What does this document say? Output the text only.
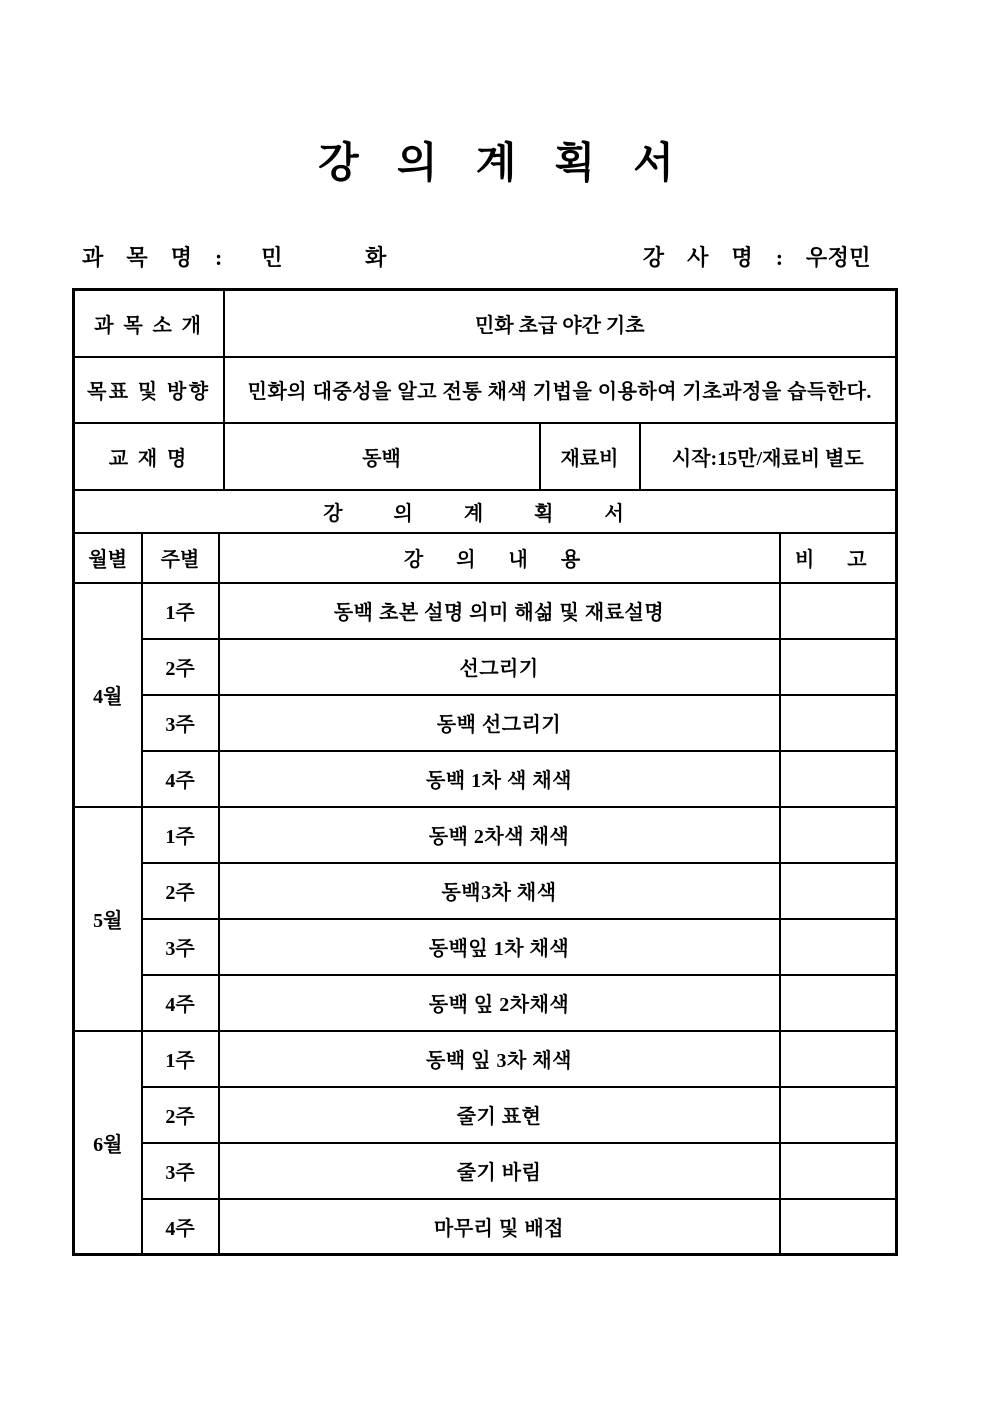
강 의 계 획 서
과 목 명 : 민   화	강 사 명 : 우정민
과 목 소 개			민화 초급 야간 기초			
목표 및 방향			민화의 대중성을 알고 전통 채색 기법을 이용하여 기초과정을 습득한다.			
교 재 명			동백	재료비	시작:15만/재료비 별도	
강 의 계 획 서						
월별	주별	강 의 내 용				비 고
4월	1주	동백 초본 설명 의미 해섦 및 재료설명				
	2주	선그리기				
	3주	동백 선그리기				
	4주	동백 1차 색 채색				
5월	1주	동백 2차색 채색				
	2주	동백3차 채색				
	3주	동백잎 1차 채색				
	4주	동백 잎 2차채색				
6월	1주	동백 잎 3차 채색				
	2주	줄기 표현				
	3주	줄기 바림				
	4주	마무리 및 배접				
